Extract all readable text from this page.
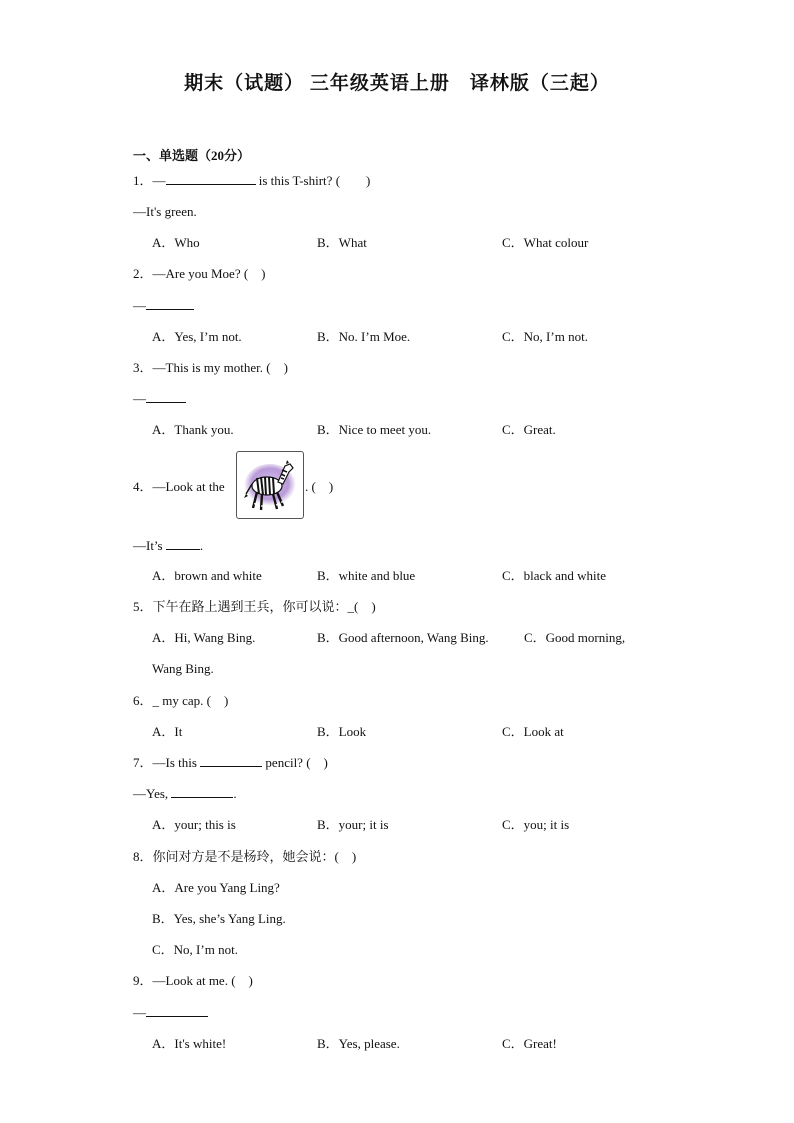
期末（试题） 三年级英语上册　译林版（三起）
一、单选题（20分）
1．—	is this T-shirt? (　　)
—It's green.
A．Who	B．What	C．What colour
2．—Are you Moe? (　)
—
A．Yes, I’m not.	B．No. I’m Moe.	C．No, I’m not.
3．—This is my mother. (　)
—
A．Thank you.	B．Nice to meet you.	C．Great.
4．—Look at the	. (　)
—It’s	.
A．brown and white	B．white and blue	C．black and white
5．下午在路上遇到王兵，你可以说：_(　)
A．Hi, Wang Bing.	B．Good afternoon, Wang Bing.	C．Good morning,
Wang Bing.
6．_ my cap. (　)
A．It	B．Look	C．Look at
7．—Is this	pencil? (　)
—Yes,	.
A．your; this is	B．your; it is	C．you; it is
8．你问对方是不是杨玲，她会说：(　)
A．Are you Yang Ling?
B．Yes, she’s Yang Ling.
C．No, I’m not.
9．—Look at me. (　)
—
A．It's white!	B．Yes, please.	C．Great!
